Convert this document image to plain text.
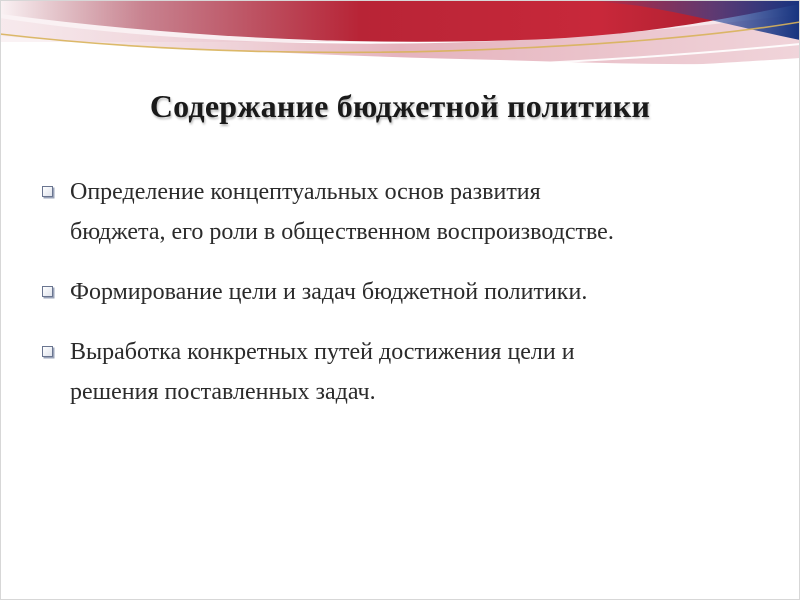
Содержание бюджетной политики
Определение концептуальных основ развития
бюджета, его роли в общественном воспроизводстве.
Формирование цели и задач бюджетной политики.
Выработка конкретных путей достижения цели и
решения поставленных задач.
